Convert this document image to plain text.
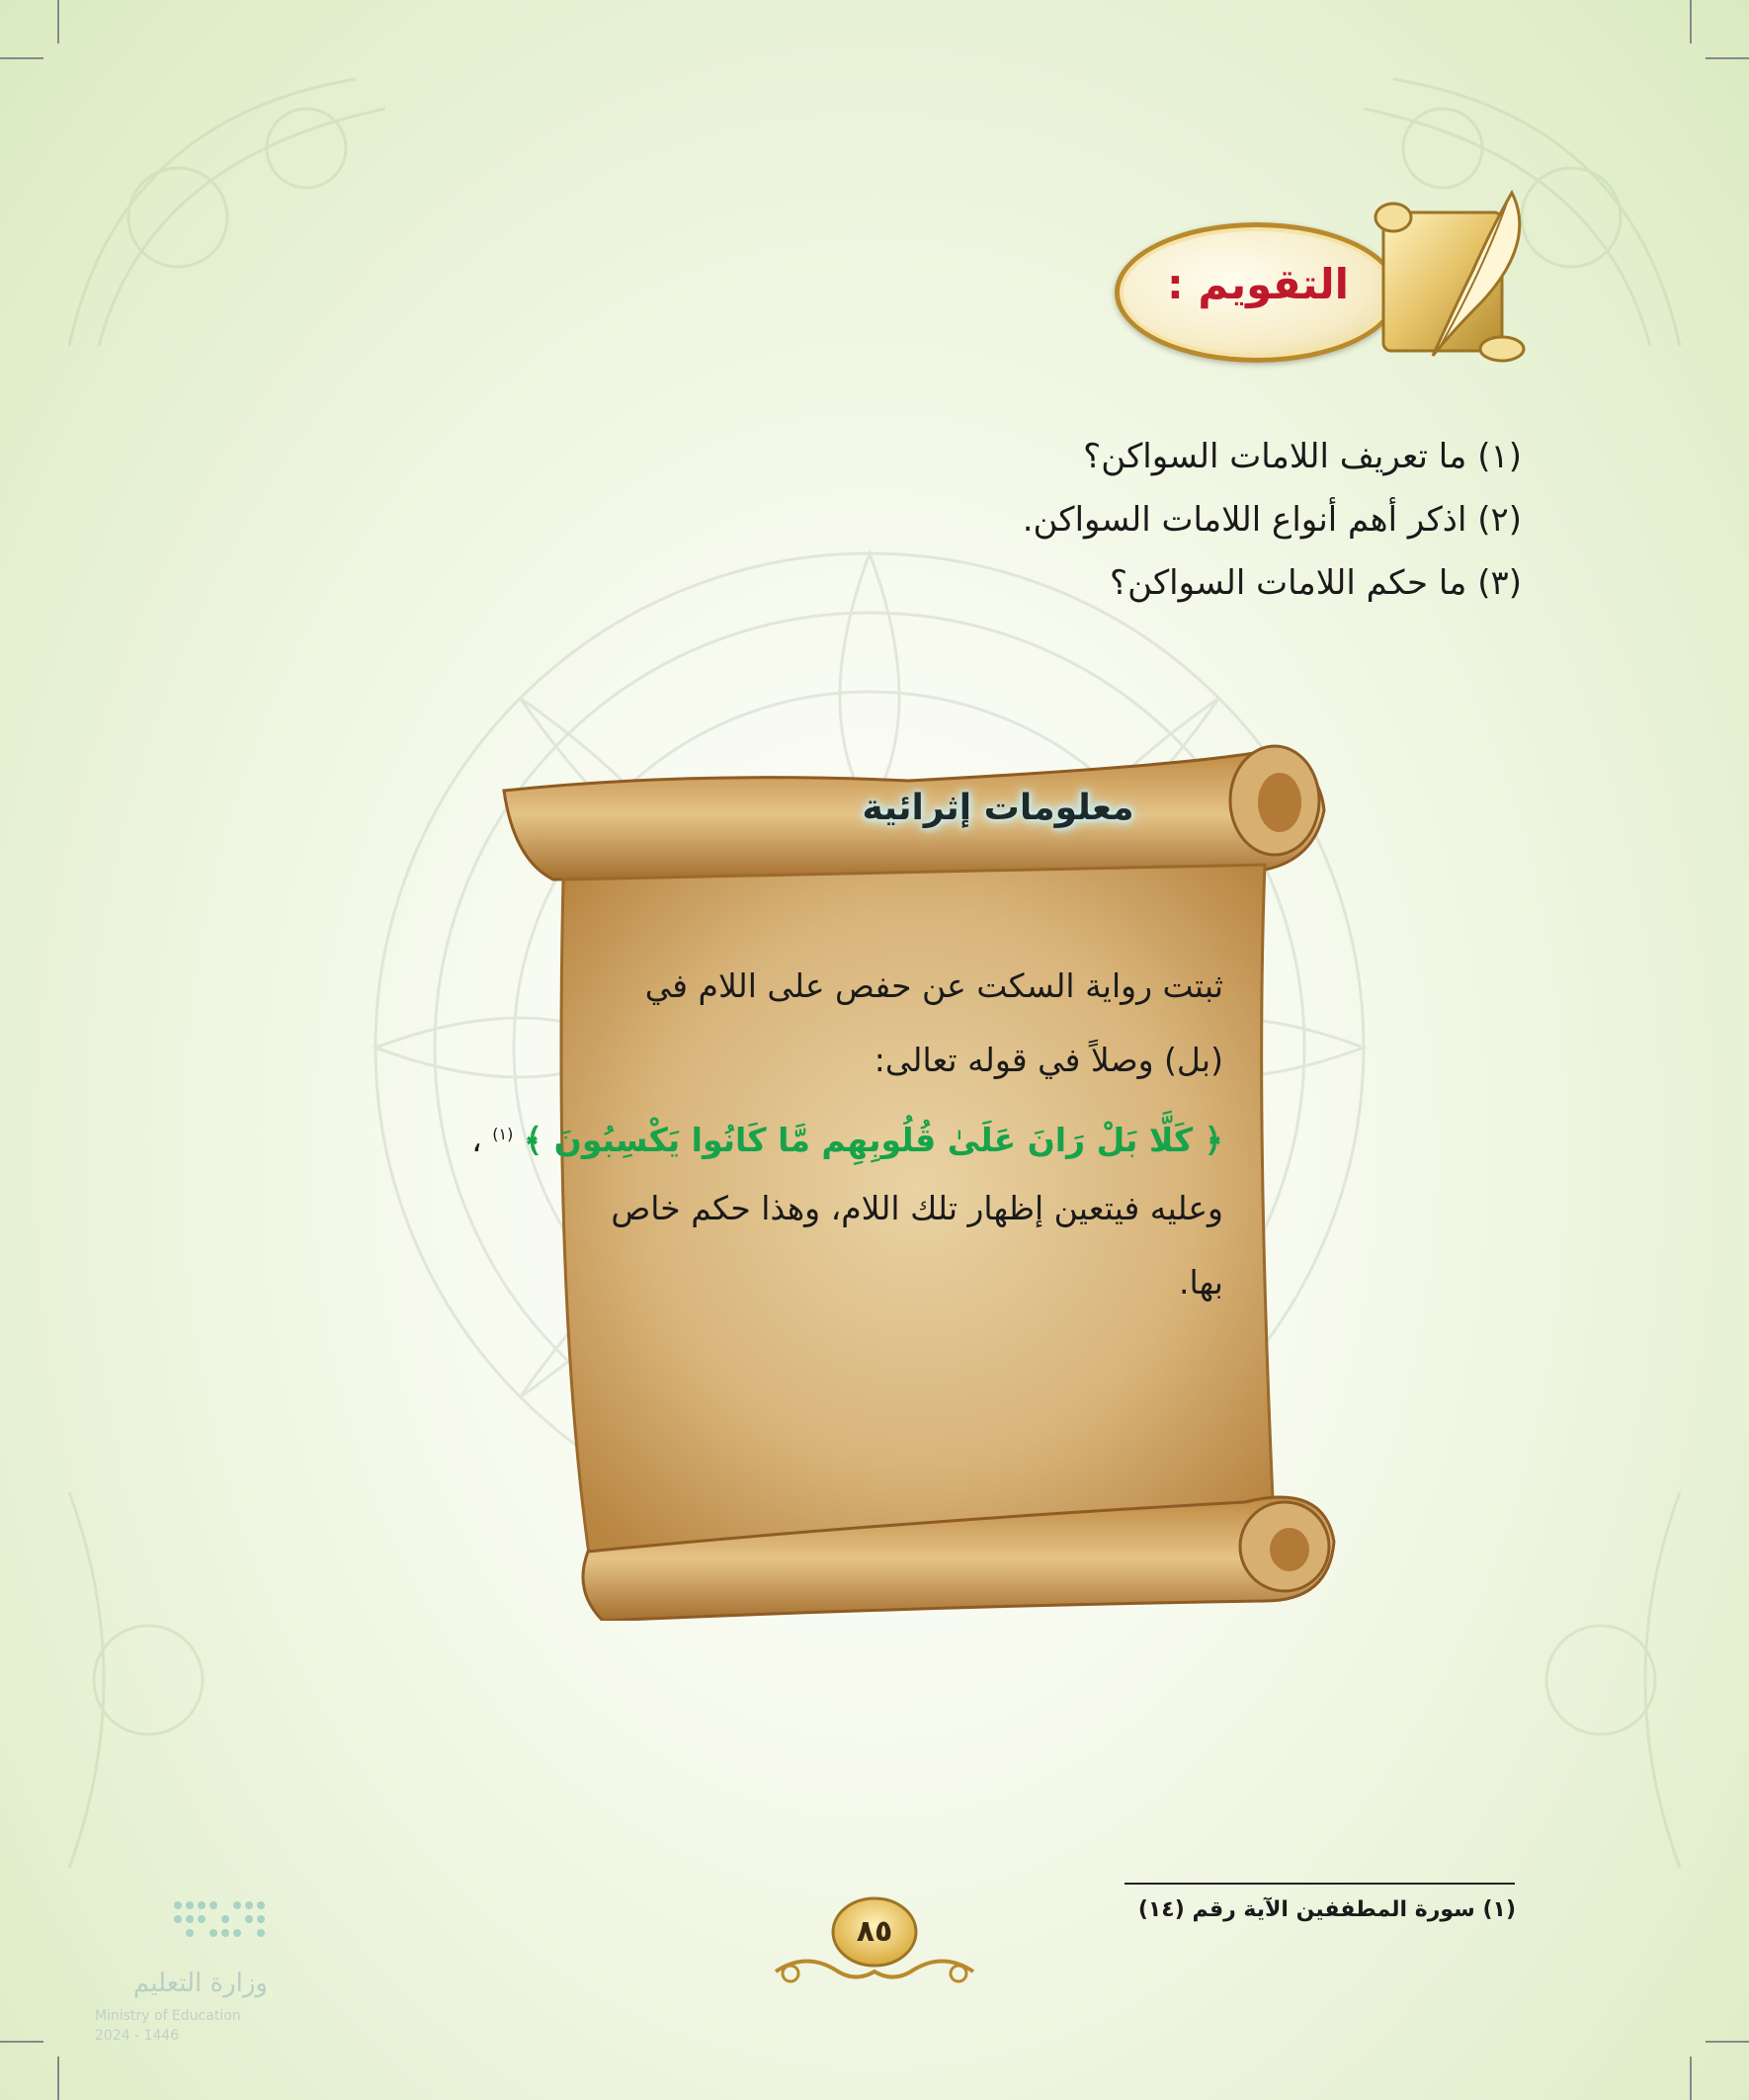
التقويم :
(١) ما تعريف اللامات السواكن؟
(٢) اذكر أهم أنواع اللامات السواكن.
(٣) ما حكم اللامات السواكن؟
معلومات إثرائية
ثبتت رواية السكت عن حفص على اللام في
(بل) وصلاً في قوله تعالى:
﴿ كَلَّا بَلْ رَانَ عَلَىٰ قُلُوبِهِم مَّا كَانُوا يَكْسِبُونَ ﴾ $^{(١)}$ ،
وعليه فيتعين إظهار تلك اللام، وهذا حكم خاص
بها.
(١) سورة المطففين الآية رقم (١٤)
٨٥
وزارة التعليم
Ministry of Education
2024 - 1446
